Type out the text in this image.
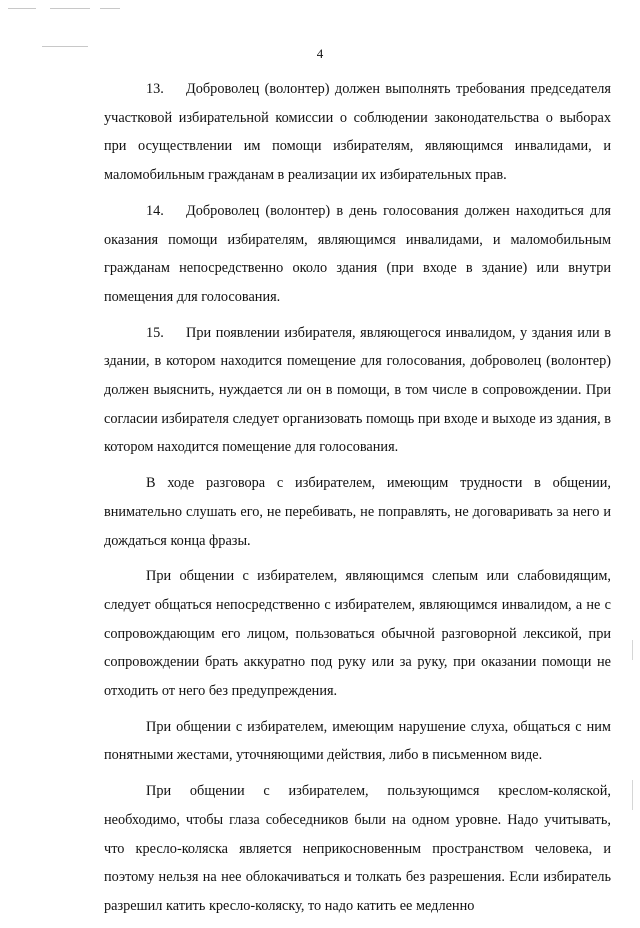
4

13. Доброволец (волонтер) должен выполнять требования председателя участковой избирательной комиссии о соблюдении законодательства о выборах при осуществлении им помощи избирателям, являющимся инвалидами, и маломобильным гражданам в реализации их избирательных прав.

14. Доброволец (волонтер) в день голосования должен находиться для оказания помощи избирателям, являющимся инвалидами, и маломобильным гражданам непосредственно около здания (при входе в здание) или внутри помещения для голосования.

15. При появлении избирателя, являющегося инвалидом, у здания или в здании, в котором находится помещение для голосования, доброволец (волонтер) должен выяснить, нуждается ли он в помощи, в том числе в сопровождении. При согласии избирателя следует организовать помощь при входе и выходе из здания, в котором находится помещение для голосования.

В ходе разговора с избирателем, имеющим трудности в общении, внимательно слушать его, не перебивать, не поправлять, не договаривать за него и дождаться конца фразы.

При общении с избирателем, являющимся слепым или слабовидящим, следует общаться непосредственно с избирателем, являющимся инвалидом, а не с сопровождающим его лицом, пользоваться обычной разговорной лексикой, при сопровождении брать аккуратно под руку или за руку, при оказании помощи не отходить от него без предупреждения.

При общении с избирателем, имеющим нарушение слуха, общаться с ним понятными жестами, уточняющими действия, либо в письменном виде.

При общении с избирателем, пользующимся креслом-коляской, необходимо, чтобы глаза собеседников были на одном уровне. Надо учитывать, что кресло-коляска является неприкосновенным пространством человека, и поэтому нельзя на нее облокачиваться и толкать без разрешения. Если избиратель разрешил катить кресло-коляску, то надо катить ее медленно
